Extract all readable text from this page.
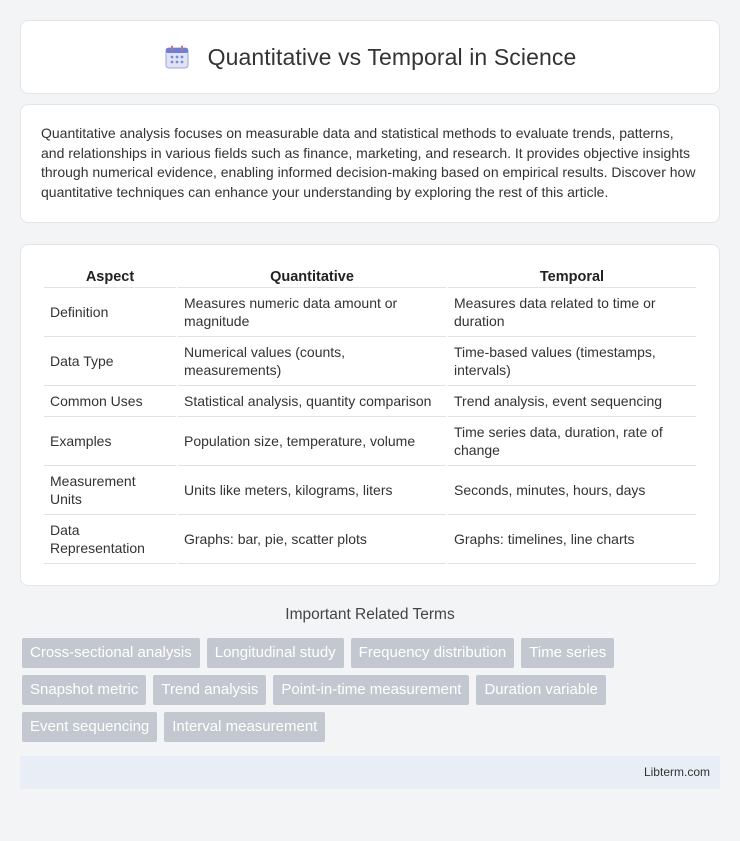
Quantitative vs Temporal in Science

Quantitative analysis focuses on measurable data and statistical methods to evaluate trends, patterns, and relationships in various fields such as finance, marketing, and research. It provides objective insights through numerical evidence, enabling informed decision-making based on empirical results. Discover how quantitative techniques can enhance your understanding by exploring the rest of this article.

Aspect	Quantitative	Temporal
Definition	Measures numeric data amount or magnitude	Measures data related to time or duration
Data Type	Numerical values (counts, measurements)	Time-based values (timestamps, intervals)
Common Uses	Statistical analysis, quantity comparison	Trend analysis, event sequencing
Examples	Population size, temperature, volume	Time series data, duration, rate of change
Measurement Units	Units like meters, kilograms, liters	Seconds, minutes, hours, days
Data Representation	Graphs: bar, pie, scatter plots	Graphs: timelines, line charts
Important Related Terms
Cross-sectional analysis	Longitudinal study	Frequency distribution	Time series
Snapshot metric	Trend analysis	Point-in-time measurement	Duration variable
Event sequencing	Interval measurement
Libterm.com
